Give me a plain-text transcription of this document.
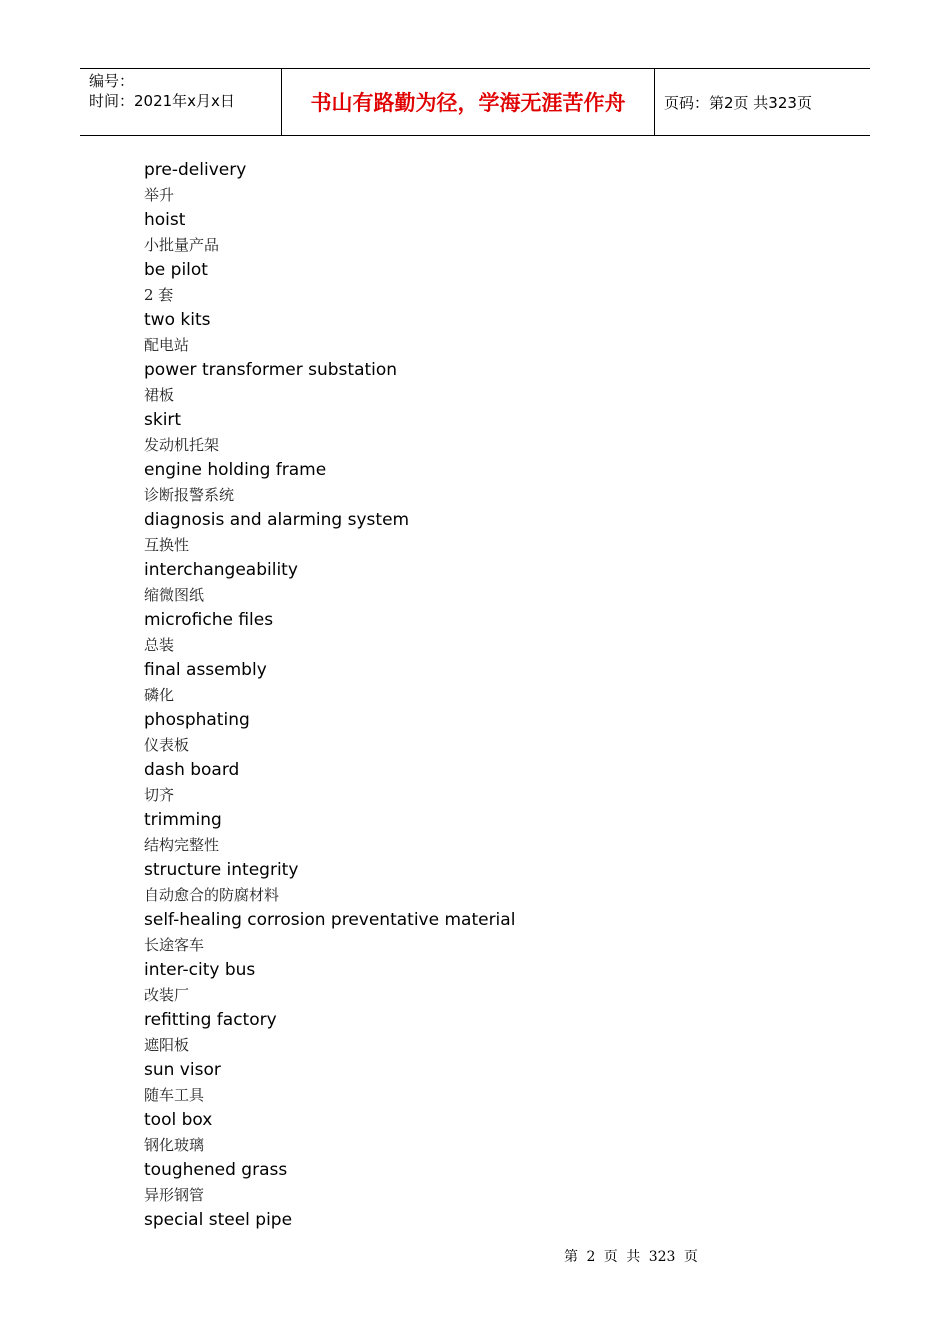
编号：
时间：2021年x月x日	书山有路勤为径，学海无涯苦作舟	页码：第2页 共323页
pre-delivery
举升
hoist
小批量产品
be pilot
2 套
two kits
配电站
power transformer substation
裙板
skirt
发动机托架
engine holding frame
诊断报警系统
diagnosis and alarming system
互换性
interchangeability
缩微图纸
microfiche files
总装
final assembly
磷化
phosphating
仪表板
dash board
切齐
trimming
结构完整性
structure integrity
自动愈合的防腐材料
self-healing corrosion preventative material
长途客车
inter-city bus
改装厂
refitting factory
遮阳板
sun visor
随车工具
tool box
钢化玻璃
toughened grass
异形钢管
special steel pipe
第 2 页 共 323 页
